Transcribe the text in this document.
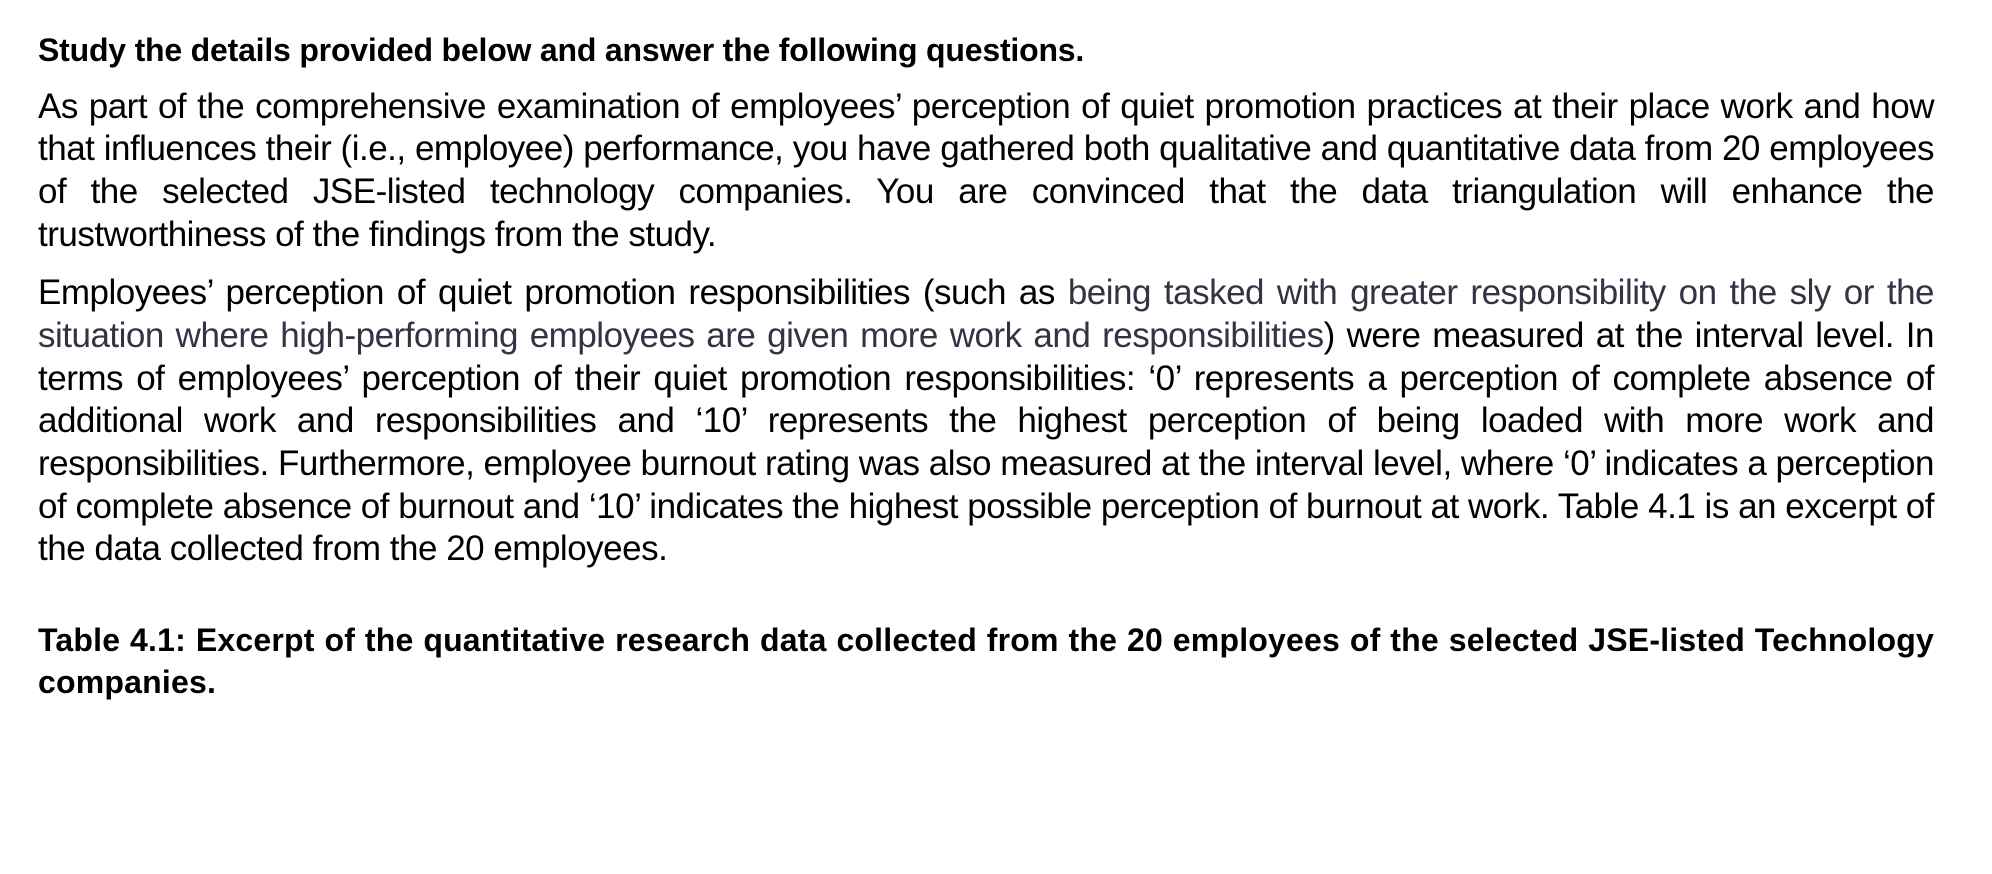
Study the details provided below and answer the following questions.

As part of the comprehensive examination of employees’ perception of quiet promotion practices at their place work and how that influences their (i.e., employee) performance, you have gathered both qualitative and quantitative data from 20 employees of the selected JSE-listed technology companies. You are convinced that the data triangulation will enhance the trustworthiness of the findings from the study.

Employees’ perception of quiet promotion responsibilities (such as being tasked with greater responsibility on the sly or the situation where high-performing employees are given more work and responsibilities) were measured at the interval level. In terms of employees’ perception of their quiet promotion responsibilities: ‘0’ represents a perception of complete absence of additional work and responsibilities and ‘10’ represents the highest perception of being loaded with more work and responsibilities. Furthermore, employee burnout rating was also measured at the interval level, where ‘0’ indicates a perception of complete absence of burnout and ‘10’ indicates the highest possible perception of burnout at work. Table 4.1 is an excerpt of the data collected from the 20 employees.

Table 4.1: Excerpt of the quantitative research data collected from the 20 employees of the selected JSE-listed Technology companies.
